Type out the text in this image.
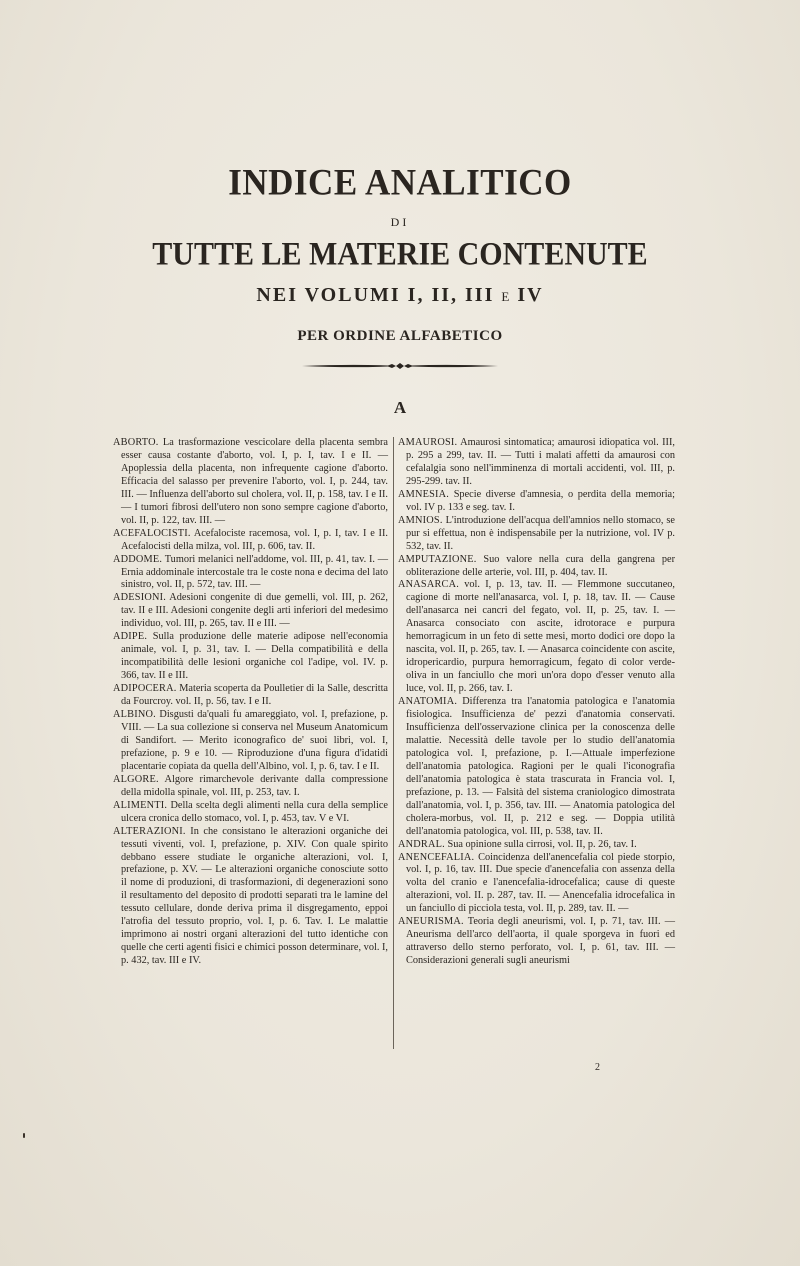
INDICE ANALITICO
DI
TUTTE LE MATERIE CONTENUTE
NEI VOLUMI I, II, III E IV
PER ORDINE ALFABETICO
A

ABORTO. La trasformazione vescicolare della placenta sembra esser causa costante d'aborto, vol. I, p. I, tav. I e II. — Apoplessia della placenta, non infrequente cagione d'aborto. Efficacia del salasso per prevenire l'aborto, vol. I, p. 244, tav. III. — Influenza dell'aborto sul cholera, vol. II, p. 158, tav. I e II. — I tumori fibrosi dell'utero non sono sempre cagione d'aborto, vol. II, p. 122, tav. III. —

ACEFALOCISTI. Acefalociste racemosa, vol. I, p. I, tav. I e II. Acefalocisti della milza, vol. III, p. 606, tav. II.

ADDOME. Tumori melanici nell'addome, vol. III, p. 41, tav. I. — Ernia addominale intercostale tra le coste nona e decima del lato sinistro, vol. II, p. 572, tav. III. —

ADESIONI. Adesioni congenite di due gemelli, vol. III, p. 262, tav. II e III. Adesioni congenite degli arti inferiori del medesimo individuo, vol. III, p. 265, tav. II e III. —

ADIPE. Sulla produzione delle materie adipose nell'economia animale, vol. I, p. 31, tav. I. — Della compatibilità e della incompatibilità delle lesioni organiche col l'adipe, vol. IV. p. 366, tav. II e III.

ADIPOCERA. Materia scoperta da Poulletier di la Salle, descritta da Fourcroy. vol. II, p. 56, tav. I e II.

ALBINO. Disgusti da'quali fu amareggiato, vol. I, prefazione, p. VIII. — La sua collezione si conserva nel Museum Anatomicum di Sandifort. — Merito iconografico de' suoi libri, vol. I, prefazione, p. 9 e 10. — Riproduzione d'una figura d'idatidi placentarie copiata da quella dell'Albino, vol. I, p. 6, tav. I e II.

ALGORE. Algore rimarchevole derivante dalla compressione della midolla spinale, vol. III, p. 253, tav. I.

ALIMENTI. Della scelta degli alimenti nella cura della semplice ulcera cronica dello stomaco, vol. I, p. 453, tav. V e VI.

ALTERAZIONI. In che consistano le alterazioni organiche dei tessuti viventi, vol. I, prefazione, p. XIV. Con quale spirito debbano essere studiate le organiche alterazioni, vol. I, prefazione, p. XV. — Le alterazioni organiche conosciute sotto il nome di produzioni, di trasformazioni, di degenerazioni sono il resultamento del deposito di prodotti separati tra le lamine del tessuto cellulare, donde deriva prima il disgregamento, eppoi l'atrofia del tessuto proprio, vol. I, p. 6. Tav. I. Le malattie imprimono ai nostri organi alterazioni del tutto identiche con quelle che certi agenti fisici e chimici posson determinare, vol. I, p. 432, tav. III e IV.

AMAUROSI. Amaurosi sintomatica; amaurosi idiopatica vol. III, p. 295 a 299, tav. II. — Tutti i malati affetti da amaurosi con cefalalgia sono nell'imminenza di mortali accidenti, vol. III, p. 295-299. tav. II.

AMNESIA. Specie diverse d'amnesia, o perdita della memoria; vol. IV p. 133 e seg. tav. I.

AMNIOS. L'introduzione dell'acqua dell'amnios nello stomaco, se pur si effettua, non è indispensabile per la nutrizione, vol. IV p. 532, tav. II.

AMPUTAZIONE. Suo valore nella cura della gangrena per obliterazione delle arterie, vol. III, p. 404, tav. II.

ANASARCA. vol. I, p. 13, tav. II. — Flemmone succutaneo, cagione di morte nell'anasarca, vol. I, p. 18, tav. II. — Cause dell'anasarca nei cancri del fegato, vol. II, p. 25, tav. I. — Anasarca consociato con ascite, idrotorace e purpura hemorragicum in un feto di sette mesi, morto dodici ore dopo la nascita, vol. II, p. 265, tav. I. — Anasarca coincidente con ascite, idropericardio, purpura hemorragicum, fegato di color verde-oliva in un fanciullo che morì un'ora dopo d'esser venuto alla luce, vol. II, p. 266, tav. I.

ANATOMIA. Differenza tra l'anatomia patologica e l'anatomia fisiologica. Insufficienza de' pezzi d'anatomia conservati. Insufficienza dell'osservazione clinica per la conoscenza delle malattie. Necessità delle tavole per lo studio dell'anatomia patologica vol. I, prefazione, p. I.—Attuale imperfezione dell'anatomia patologica. Ragioni per le quali l'iconografia dell'anatomia patologica è stata trascurata in Francia vol. I, prefazione, p. 13. — Falsità del sistema craniologico dimostrata dall'anatomia, vol. I, p. 356, tav. III. — Anatomia patologica del cholera-morbus, vol. II, p. 212 e seg. — Doppia utilità dell'anatomia patologica, vol. III, p. 538, tav. II.

ANDRAL. Sua opinione sulla cirrosi, vol. II, p. 26, tav. I.

ANENCEFALIA. Coincidenza dell'anencefalia col piede storpio, vol. I, p. 16, tav. III. Due specie d'anencefalia con assenza della volta del cranio e l'anencefalia-idrocefalica; cause di queste alterazioni, vol. II. p. 287, tav. II. — Anencefalia idrocefalica in un fanciullo di picciola testa, vol. II, p. 289, tav. II. —

ANEURISMA. Teoria degli aneurismi, vol. I, p. 71, tav. III. — Aneurisma dell'arco dell'aorta, il quale sporgeva in fuori ed attraverso dello sterno perforato, vol. I, p. 61, tav. III. — Considerazioni generali sugli aneurismi

2
